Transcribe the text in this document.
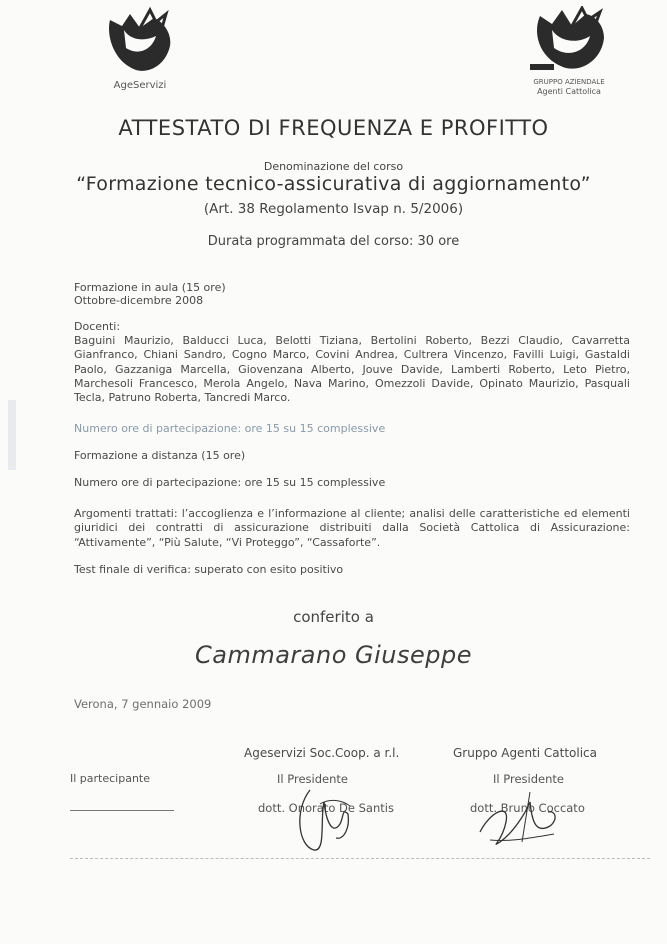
AgeServizi	GRUPPO AZIENDALE
Agenti Cattolica
ATTESTATO DI FREQUENZA E PROFITTO
Denominazione del corso
“Formazione tecnico-assicurativa di aggiornamento”
(Art. 38 Regolamento Isvap n. 5/2006)
Durata programmata del corso: 30 ore
Formazione in aula (15 ore)
Ottobre-dicembre 2008
Docenti:
Baguini Maurizio, Balducci Luca, Belotti Tiziana, Bertolini Roberto, Bezzi Claudio, Cavarretta Gianfranco, Chiani Sandro, Cogno Marco, Covini Andrea, Cultrera Vincenzo, Favilli Luigi, Gastaldi Paolo, Gazzaniga Marcella, Giovenzana Alberto, Jouve Davide, Lamberti Roberto, Leto Pietro, Marchesoli Francesco, Merola Angelo, Nava Marino, Omezzoli Davide, Opinato Maurizio, Pasquali Tecla, Patruno Roberta, Tancredi Marco.
Numero ore di partecipazione: ore 15 su 15 complessive
Formazione a distanza (15 ore)
Numero ore di partecipazione: ore 15 su 15 complessive
Argomenti trattati: l’accoglienza e l’informazione al cliente; analisi delle caratteristiche ed elementi giuridici dei contratti di assicurazione distribuiti dalla Società Cattolica di Assicurazione: “Attivamente”, “Più Salute, “Vi Proteggo”, “Cassaforte”.
Test finale di verifica: superato con esito positivo
conferito a
Cammarano Giuseppe
Verona, 7 gennaio 2009
Ageservizi Soc.Coop. a r.l.	Gruppo Agenti Cattolica
Il partecipante	Il Presidente	Il Presidente
dott. Onorato De Santis	dott. Bruno Coccato
